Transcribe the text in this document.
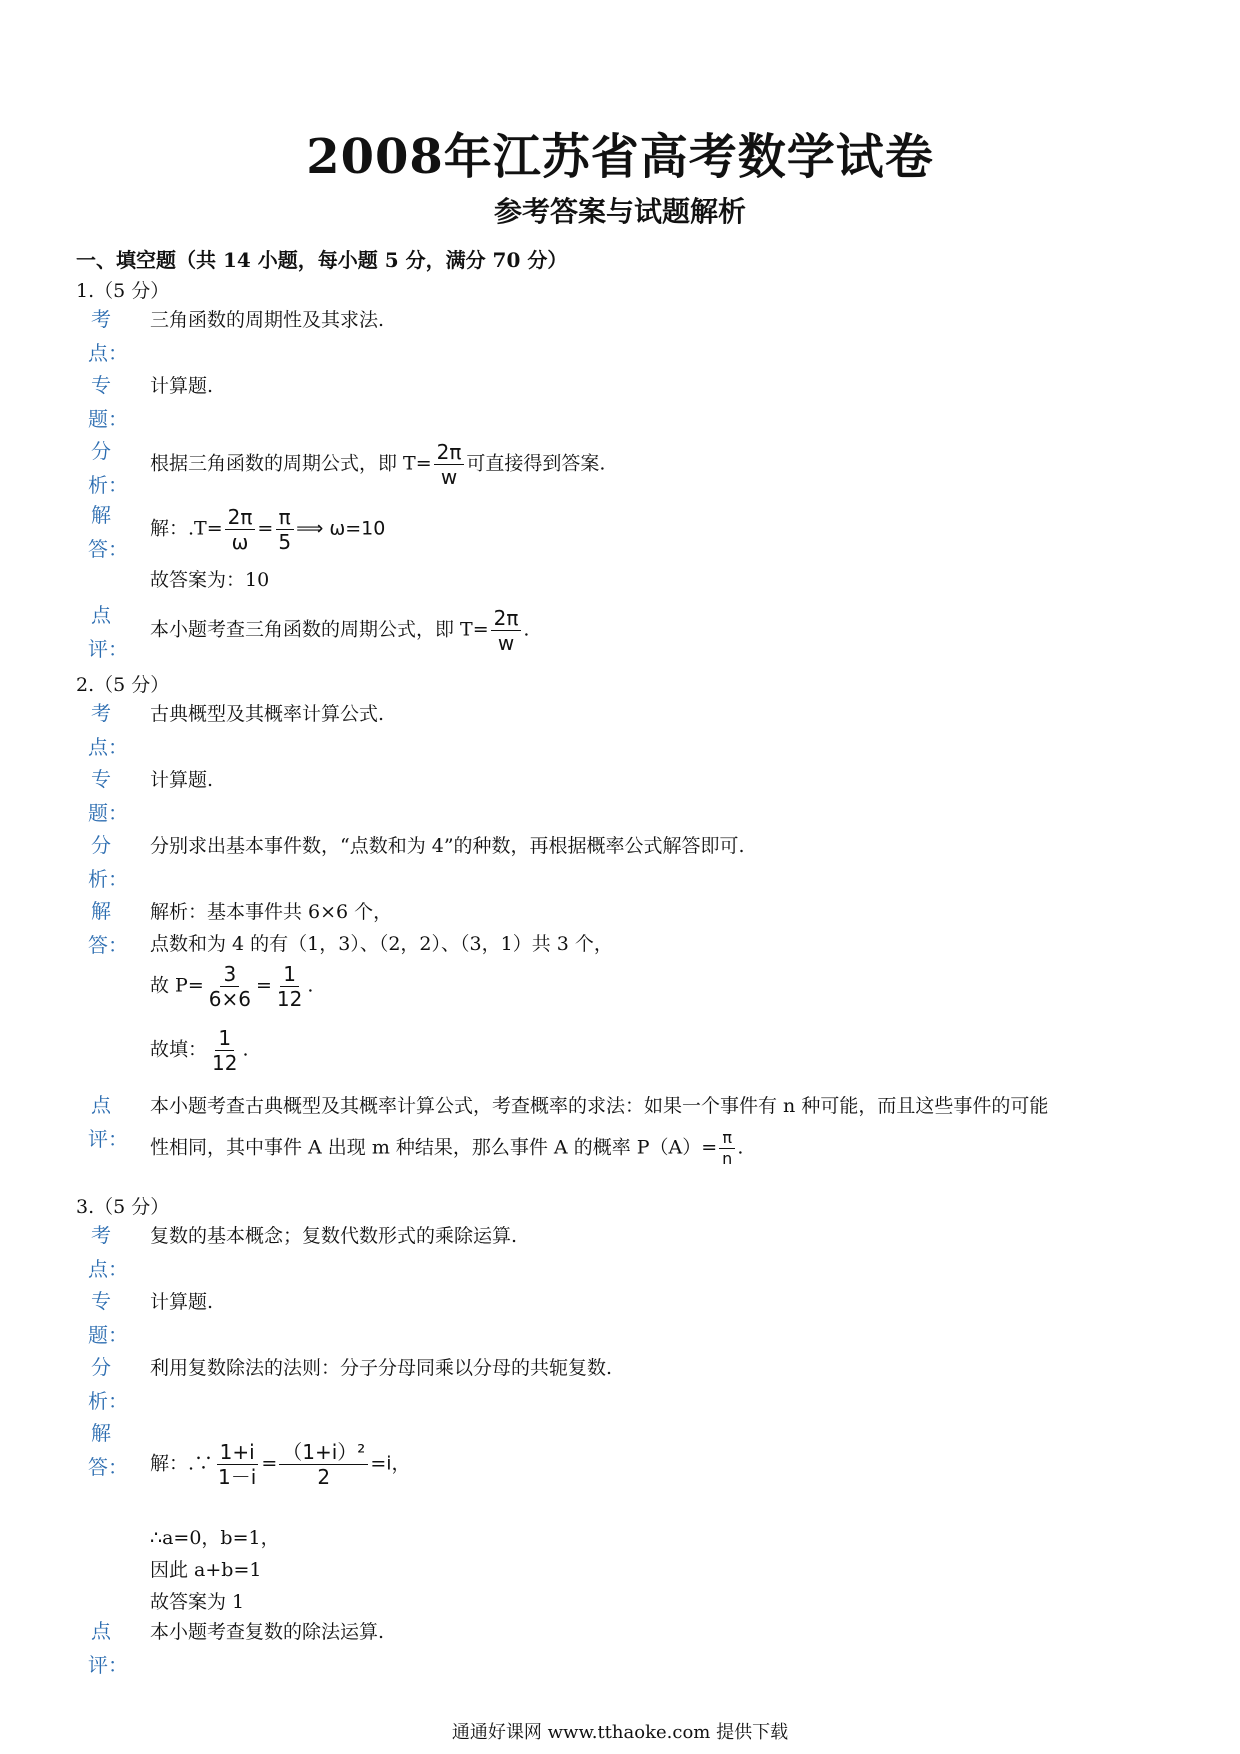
2008年江苏省高考数学试卷
参考答案与试题解析
一、填空题（共 14 小题，每小题 5 分，满分 70 分）
1.（5 分）
考
点：
三角函数的周期性及其求法.
专
题：
计算题.
分
析：
根据三角函数的周期公式，即 $T= \frac{2\pi}{w}$ 可直接得到答案.
解
答：
解：$.T= \frac{2\pi}{\omega} = \frac{\pi}{5}$ ⟹ ω=10
故答案为：10
点
评：
本小题考查三角函数的周期公式，即 $T= \frac{2\pi}{w}$ .
2.（5 分）
考
点：
古典概型及其概率计算公式.
专
题：
计算题.
分
析：
分别求出基本事件数，“点数和为 4”的种数，再根据概率公式解答即可.
解
答：
解析：基本事件共 6×6 个，
点数和为 4 的有（1，3）、（2，2）、（3，1）共 3 个，
故 $P= \frac{3}{6\times 6} = \frac{1}{12}$ .
故填： $\frac{1}{12}$ .
点
评：
本小题考查古典概型及其概率计算公式，考查概率的求法：如果一个事件有 n 种可能，而且这些事件的可能
性相同，其中事件 A 出现 m 种结果，那么事件 A 的概率 $P(A)= \frac{\pi}{n}$ .
3.（5 分）
考
点：
复数的基本概念；复数代数形式的乘除运算.
专
题：
计算题.
分
析：
利用复数除法的法则：分子分母同乘以分母的共轭复数.
解
答： 解：.∵ $\frac{1+i}{1-i} = \frac{\text{（1+i）²}}{2} =i$，
∴a=0，b=1，
因此 a+b=1
故答案为 1
点
评：
本小题考查复数的除法运算.
通通好课网 www.tthaoke.com 提供下载
